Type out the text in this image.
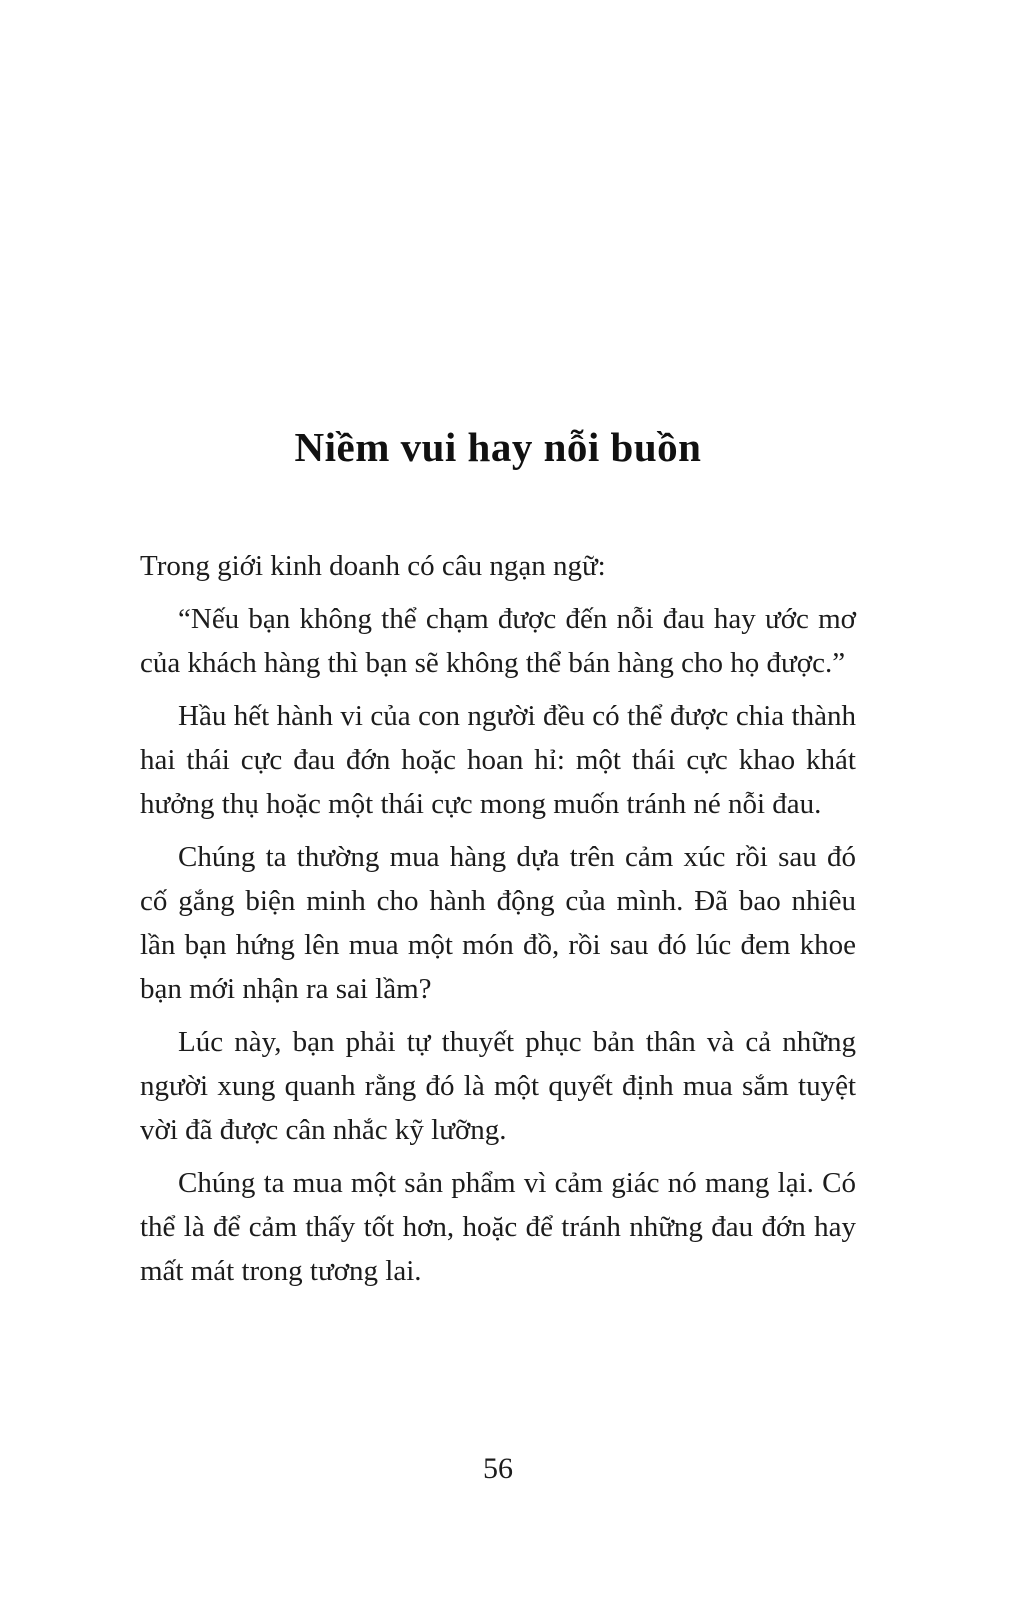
Niềm vui hay nỗi buồn

Trong giới kinh doanh có câu ngạn ngữ:

“Nếu bạn không thể chạm được đến nỗi đau hay ước mơ của khách hàng thì bạn sẽ không thể bán hàng cho họ được.”

Hầu hết hành vi của con người đều có thể được chia thành hai thái cực đau đớn hoặc hoan hỉ: một thái cực khao khát hưởng thụ hoặc một thái cực mong muốn tránh né nỗi đau.

Chúng ta thường mua hàng dựa trên cảm xúc rồi sau đó cố gắng biện minh cho hành động của mình. Đã bao nhiêu lần bạn hứng lên mua một món đồ, rồi sau đó lúc đem khoe bạn mới nhận ra sai lầm?

Lúc này, bạn phải tự thuyết phục bản thân và cả những người xung quanh rằng đó là một quyết định mua sắm tuyệt vời đã được cân nhắc kỹ lưỡng.

Chúng ta mua một sản phẩm vì cảm giác nó mang lại. Có thể là để cảm thấy tốt hơn, hoặc để tránh những đau đớn hay mất mát trong tương lai.

56
